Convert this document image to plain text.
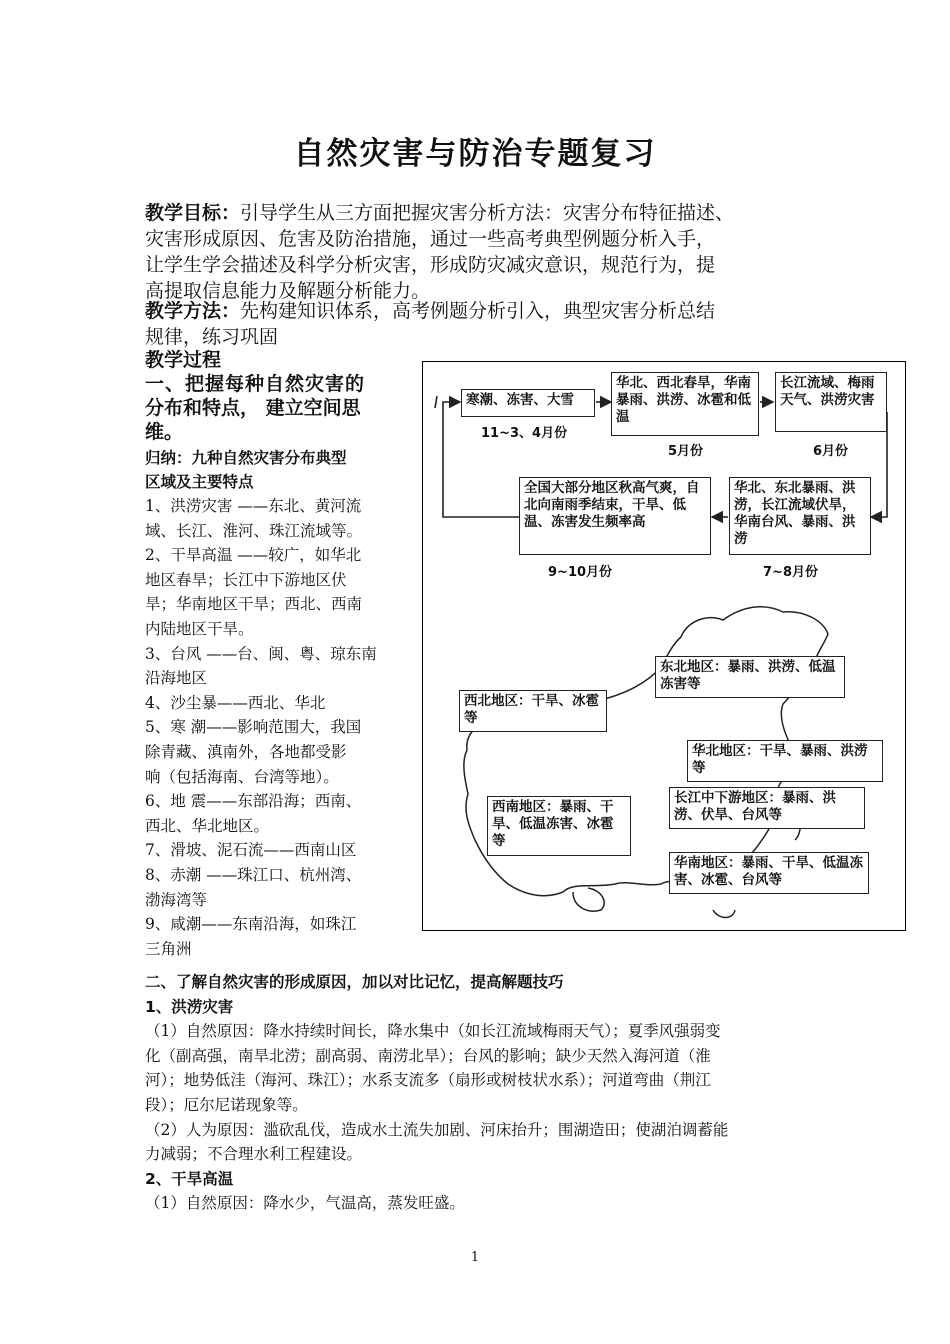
自然灾害与防治专题复习
教学目标：引导学生从三方面把握灾害分析方法：灾害分布特征描述、
灾害形成原因、危害及防治措施，通过一些高考典型例题分析入手，
让学生学会描述及科学分析灾害，形成防灾减灾意识，规范行为，提
高提取信息能力及解题分析能力。
教学方法：先构建知识体系，高考例题分析引入，典型灾害分析总结
规律，练习巩固
教学过程
一、把握每种自然灾害的
分布和特点， 建立空间思
维。
归纳：九种自然灾害分布典型
区域及主要特点
1、洪涝灾害 ——东北、黄河流
域、长江、淮河、珠江流域等。
2、干旱高温 ——较广，如华北
地区春旱；长江中下游地区伏
旱；华南地区干旱；西北、西南
内陆地区干旱。
3、台风 ——台、闽、粤、琼东南
沿海地区
4、沙尘暴——西北、华北
5、寒 潮——影响范围大，我国
除青藏、滇南外，各地都受影
响（包括海南、台湾等地）。
6、地 震——东部沿海；西南、
西北、华北地区。
7、滑坡、泥石流——西南山区
8、赤潮 ——珠江口、杭州湾、
渤海湾等
9、咸潮——东南沿海，如珠江
三角洲
寒潮、冻害、大雪
11~3、4月份
华北、西北春旱，华南暴雨、洪涝、冰雹和低温
5月份
长江流域、梅雨天气、洪涝灾害
6月份
华北、东北暴雨、洪涝，长江流域伏旱，华南台风、暴雨、洪涝
7~8月份
全国大部分地区秋高气爽，自北向南雨季结束，干旱、低温、冻害发生频率高
9~10月份
东北地区：暴雨、洪涝、低温冻害等
西北地区：干旱、冰雹等
华北地区：干旱、暴雨、洪涝等
西南地区：暴雨、干旱、低温冻害、冰雹等
长江中下游地区：暴雨、洪涝、伏旱、台风等
华南地区：暴雨、干旱、低温冻害、冰雹、台风等
二、了解自然灾害的形成原因，加以对比记忆，提高解题技巧
1、洪涝灾害
（1）自然原因：降水持续时间长，降水集中（如长江流域梅雨天气）；夏季风强弱变
化（副高强，南旱北涝；副高弱、南涝北旱）；台风的影响；缺少天然入海河道（淮
河）；地势低洼（海河、珠江）；水系支流多（扇形或树枝状水系）；河道弯曲（荆江
段）；厄尔尼诺现象等。
（2）人为原因：滥砍乱伐，造成水土流失加剧、河床抬升；围湖造田；使湖泊调蓄能
力减弱；不合理水利工程建设。
2、干旱高温
（1）自然原因：降水少，气温高，蒸发旺盛。
1
